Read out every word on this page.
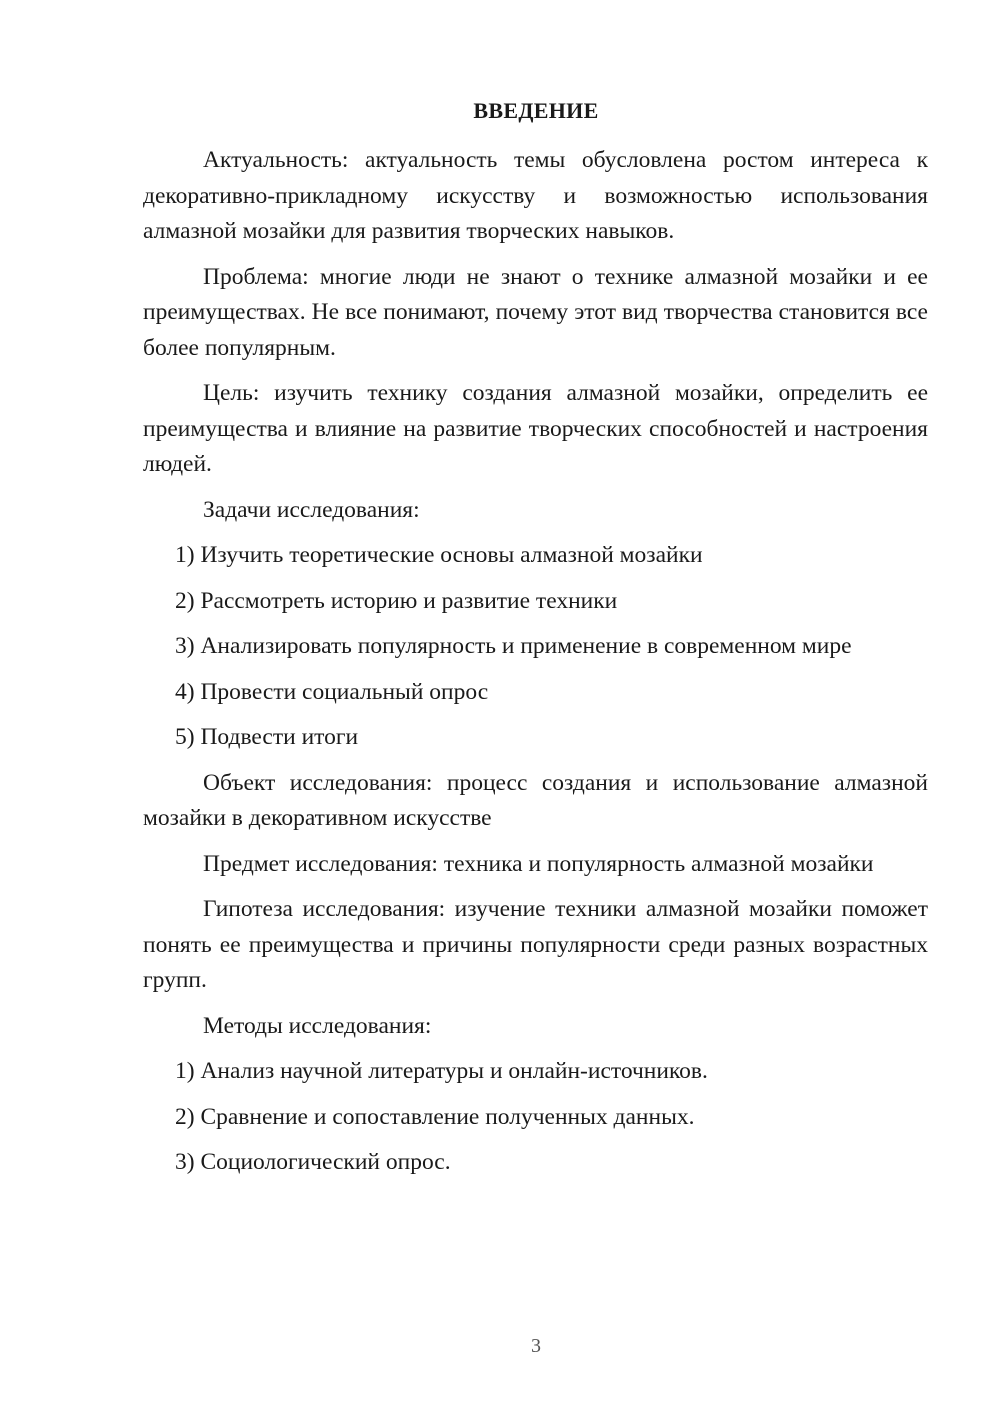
ВВЕДЕНИЕ

Актуальность: актуальность темы обусловлена ростом интереса к декоративно-прикладному искусству и возможностью использования алмазной мозайки для развития творческих навыков.

Проблема: многие люди не знают о технике алмазной мозайки и ее преимуществах. Не все понимают, почему этот вид творчества становится все более популярным.

Цель: изучить технику создания алмазной мозайки, определить ее преимущества и влияние на развитие творческих способностей и настроения людей.

Задачи исследования:

1) Изучить теоретические основы алмазной мозайки

2) Рассмотреть историю и развитие техники

3) Анализировать популярность и применение в современном мире

4) Провести социальный опрос

5) Подвести итоги

Объект исследования: процесс создания и использование алмазной мозайки в декоративном искусстве

Предмет исследования: техника и популярность алмазной мозайки

Гипотеза исследования: изучение техники алмазной мозайки поможет понять ее преимущества и причины популярности среди разных возрастных групп.

Методы исследования:

1) Анализ научной литературы и онлайн-источников.

2) Сравнение и сопоставление полученных данных.

3) Социологический опрос.

3
